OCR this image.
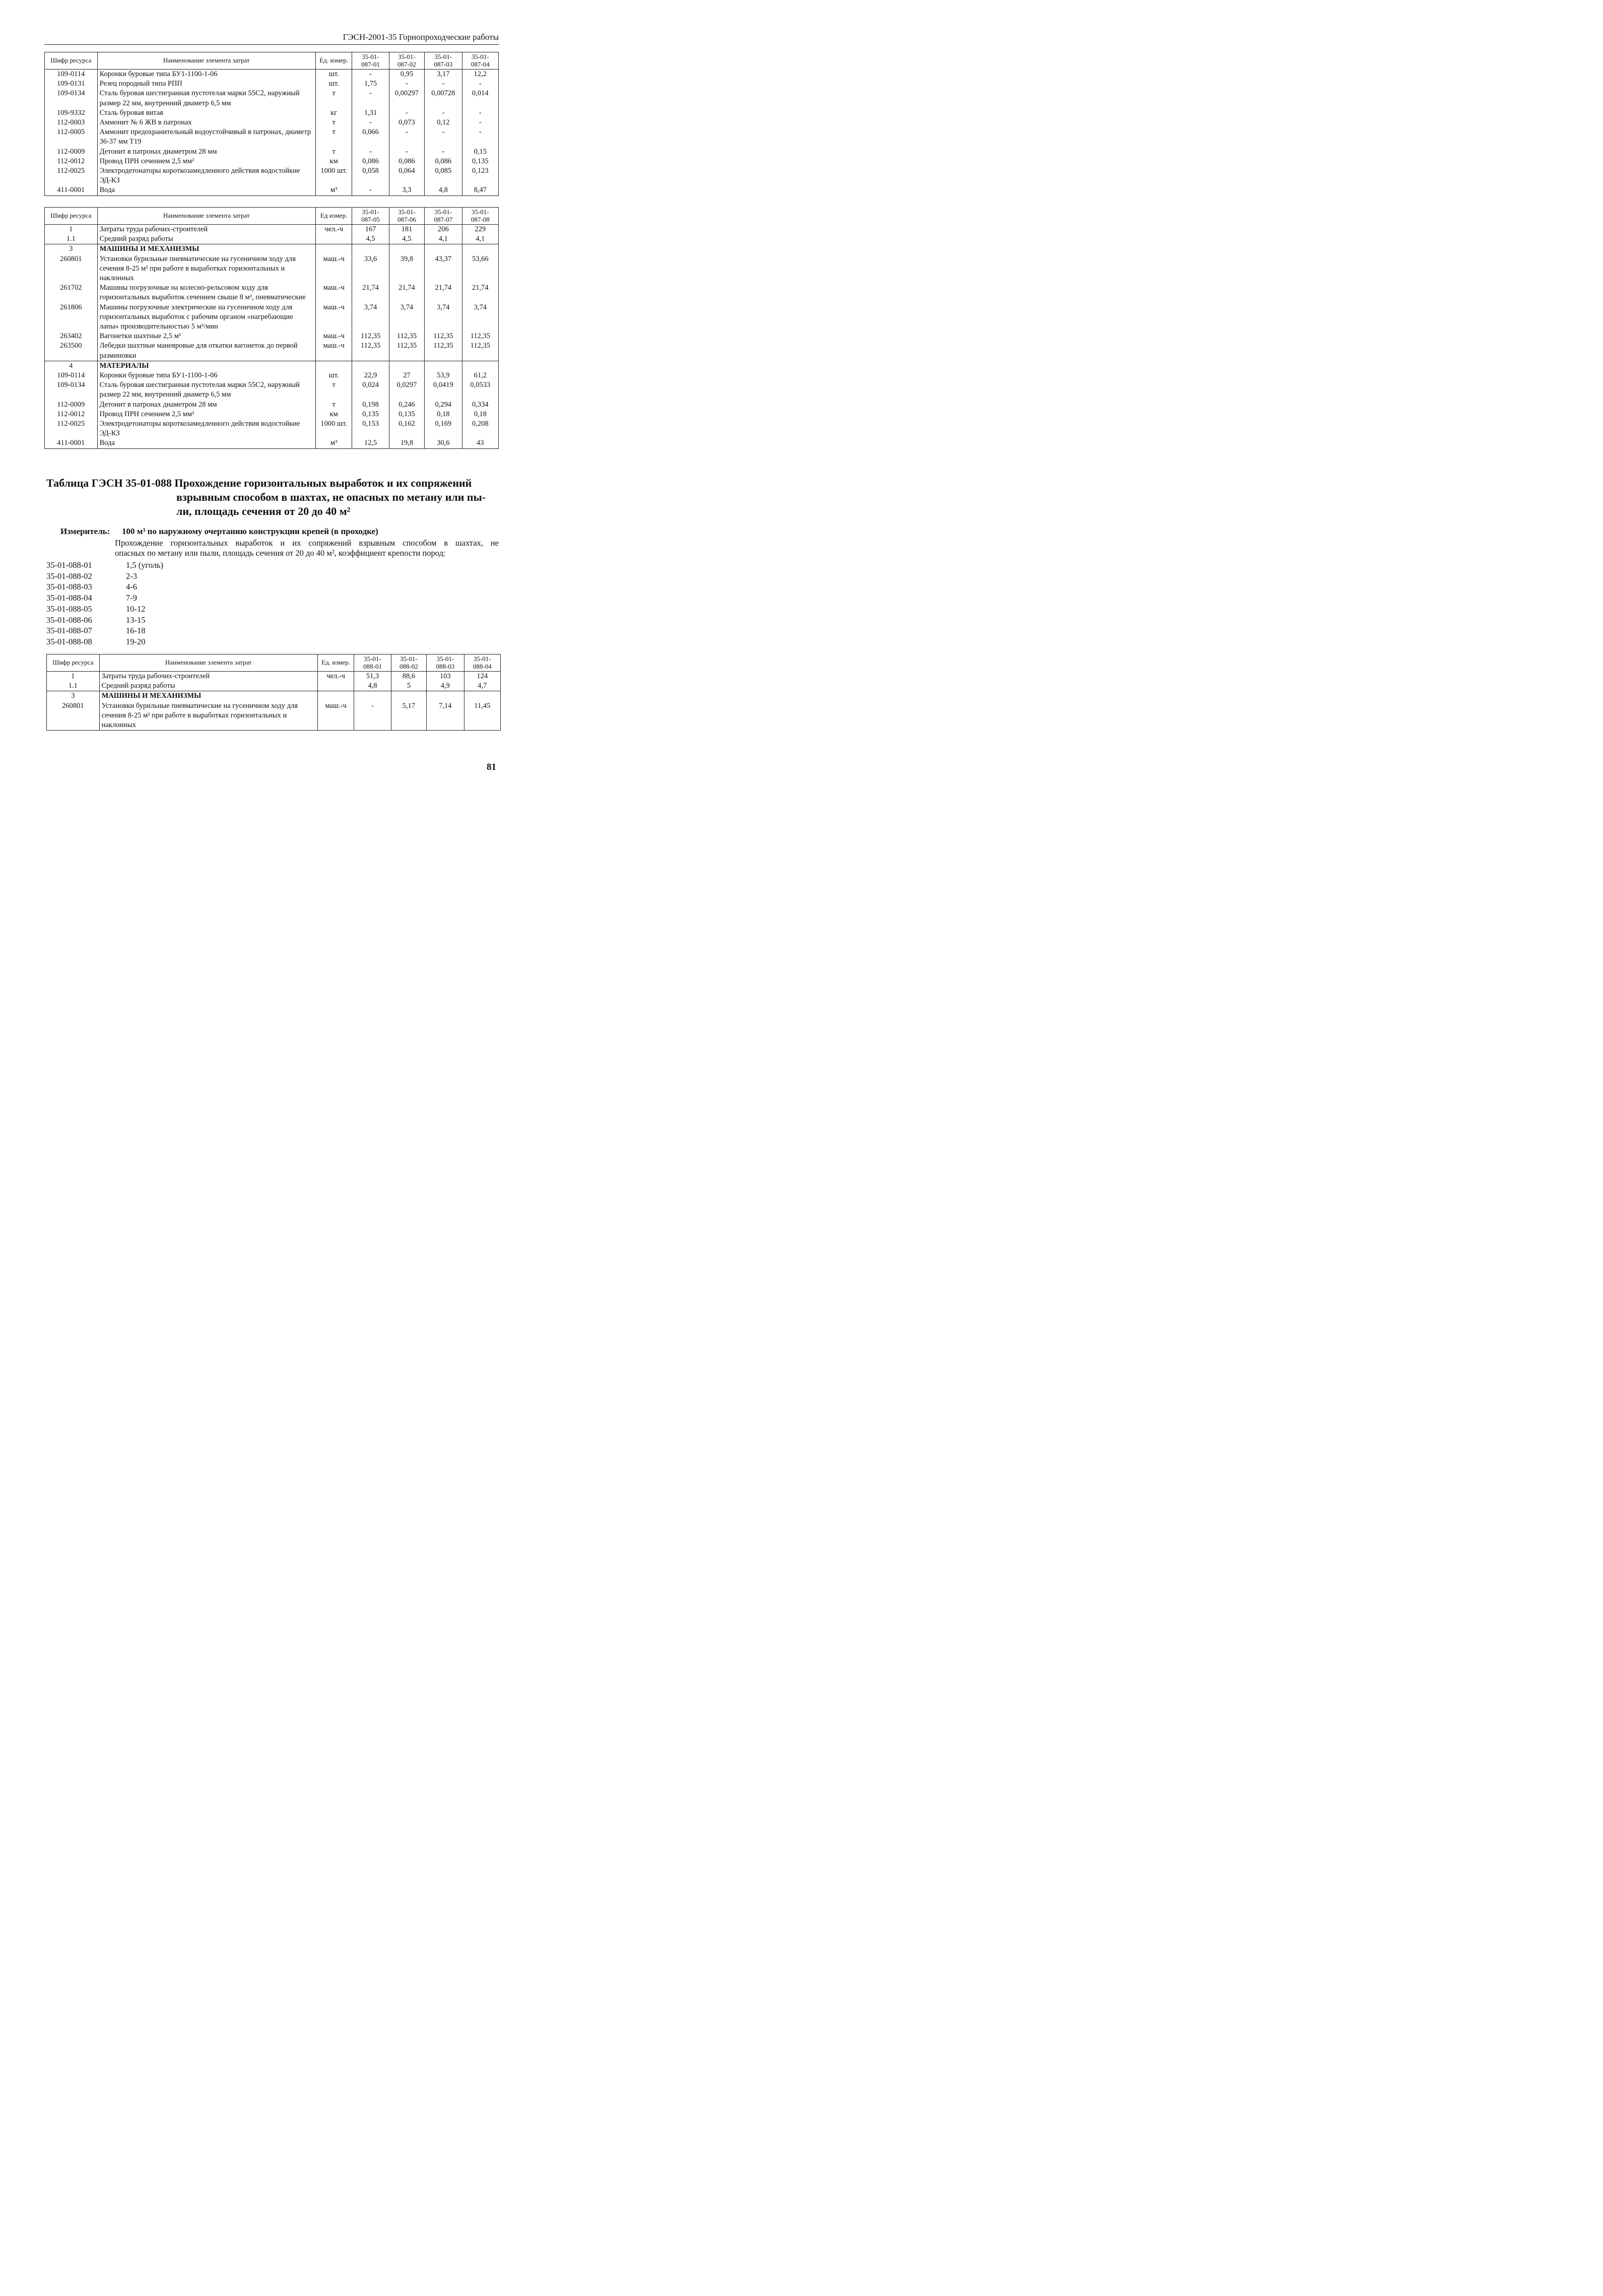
ГЭСН-2001-35 Горнопроходческие работы
Шифр ресурса	Наименование элемента затрат	Ед. измер.	35-01-
087-01	35-01-
087-02	35-01-
087-03	35-01-
087-04
109-0114	Коронки буровые типа БУ1-1100-1-06	шт.	-	0,95	3,17	12,2
109-0131	Резец породный типа РПП	шт.	1,75	-	-	-
109-0134	Сталь буровая шестигранная пустотелая марки 55С2, наружный размер 22 мм, внутренний диаметр 6,5 мм	т	-	0,00297	0,00728	0,014
109-9332	Сталь буровая витая	кг	1,31	-	-	-
112-0003	Аммонит № 6 ЖВ в патронах	т	-	0,073	0,12	-
112-0005	Аммонит предохранительный водоустойчивый в патронах, диаметр 36-37 мм Т19	т	0,066	-	-	-
112-0009	Детонит в патронах диаметром 28 мм	т	-	-	-	0,15
112-0012	Провод ПРН сечением 2,5 мм²	км	0,086	0,086	0,086	0,135
112-0025	Электродетонаторы короткозамедленного действия водостойкие ЭД-КЗ	1000 шт.	0,058	0,064	0,085	0,123
411-0001	Вода	м³	-	3,3	4,8	8,47
Шифр ресурса	Наименование элемента затрат	Ед измер.	35-01-
087-05	35-01-
087-06	35-01-
087-07	35-01-
087-08
1	Затраты труда рабочих-строителей	чел.-ч	167	181	206	229
1.1	Средний разряд работы		4,5	4,5	4,1	4,1
3	МАШИНЫ И МЕХАНИЗМЫ					
260801	Установки бурильные пневматические на гусеничном ходу для сечения 8-25 м² при работе в выработках горизонтальных и наклонных	маш.-ч	33,6	39,8	43,37	53,66
261702	Машины погрузочные на колесно-рельсовом ходу для горизонтальных выработок сечением свыше 8 м², пневматические	маш.-ч	21,74	21,74	21,74	21,74
261806	Машины погрузочные электрические на гусеничном ходу для горизонтальных выработок с рабочим органом «нагребающие лапы» производительностью 5 м³/мин	маш.-ч	3,74	3,74	3,74	3,74
263402	Вагонетки шахтные 2,5 м³	маш.-ч	112,35	112,35	112,35	112,35
263500	Лебедки шахтные маневровые для откатки вагонеток до первой разминовки	маш.-ч	112,35	112,35	112,35	112,35
4	МАТЕРИАЛЫ					
109-0114	Коронки буровые типа БУ1-1100-1-06	шт.	22,9	27	53,9	61,2
109-0134	Сталь буровая шестигранная пустотелая марки 55С2, наружный размер 22 мм, внутренний диаметр 6,5 мм	т	0,024	0,0297	0,0419	0,0533
112-0009	Детонит в патронах диаметром 28 мм	т	0,198	0,246	0,294	0,334
112-0012	Провод ПРН сечением 2,5 мм²	км	0,135	0,135	0,18	0,18
112-0025	Электродетонаторы короткозамедленного действия водостойкие ЭД-КЗ	1000 шт.	0,153	0,162	0,169	0,208
411-0001	Вода	м³	12,5	19,8	30,6	43
Таблица ГЭСН 35-01-088 Прохождение горизонтальных выработок и их сопряжений
взрывным способом в шахтах, не опасных по метану или пы-
ли, площадь сечения от 20 до 40 м²
Измеритель: 100 м³ по наружному очертанию конструкции крепей (в проходке)
Прохождение горизонтальных выработок и их сопряжений взрывным способом в шахтах, не
опасных по метану или пыли, площадь сечения от 20 до 40 м², коэффициент крепости пород:
35-01-088-01	1,5 (уголь)
35-01-088-02	2-3
35-01-088-03	4-6
35-01-088-04	7-9
35-01-088-05	10-12
35-01-088-06	13-15
35-01-088-07	16-18
35-01-088-08	19-20
Шифр ресурса	Наименование элемента затрат	Ед. измер.	35-01-
088-01	35-01-
088-02	35-01-
088-03	35-01-
088-04
1	Затраты труда рабочих-строителей	чел.-ч	51,3	88,6	103	124
1.1	Средний разряд работы		4,8	5	4,9	4,7
3	МАШИНЫ И МЕХАНИЗМЫ					
260801	Установки бурильные пневматические на гусеничном ходу для сечения 8-25 м² при работе в выработках горизонтальных и наклонных	маш.-ч	-	5,17	7,14	11,45
81
